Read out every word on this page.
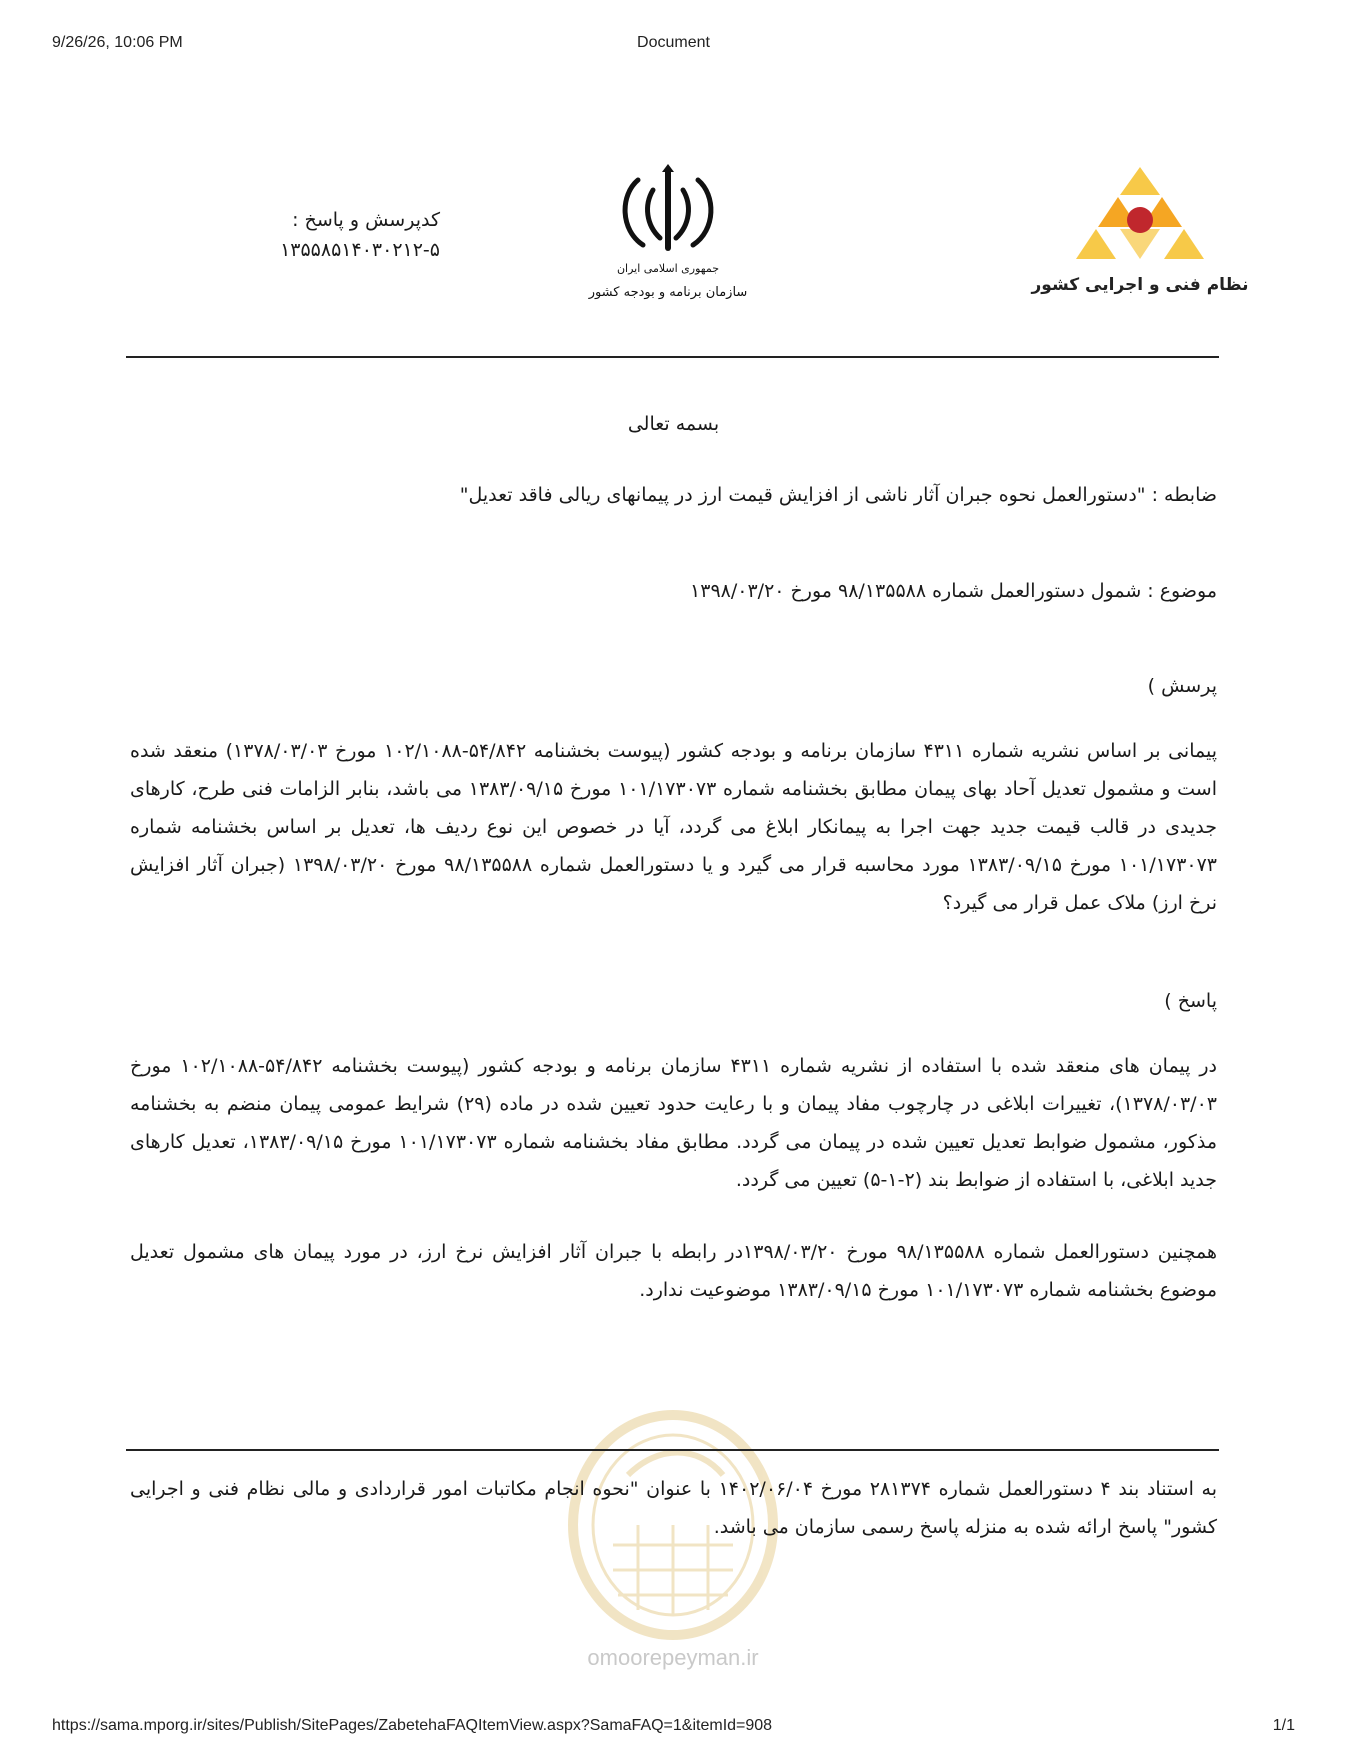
9/26/26, 10:06 PM	Document
کدپرسش و پاسخ :
۱۳۵۵۸۵۱۴۰۳۰۲۱۲-۵
جمهوری اسلامی ایران
سازمان برنامه و بودجه کشور	نظام فنی و اجرایی کشور
بسمه تعالی
ضابطه : "دستورالعمل نحوه جبران آثار ناشی از افزایش قیمت ارز در پیمانهای ریالی فاقد تعدیل"
موضوع : شمول دستورالعمل شماره ۹۸/۱۳۵۵۸۸ مورخ ۱۳۹۸/۰۳/۲۰
پرسش )
پیمانی بر اساس نشریه شماره ۴۳۱۱ سازمان برنامه و بودجه کشور (پیوست بخشنامه ۵۴/۸۴۲-۱۰۲/۱۰۸۸ مورخ ۱۳۷۸/۰۳/۰۳) منعقد شده است و مشمول تعدیل آحاد بهای پیمان مطابق بخشنامه شماره ۱۰۱/۱۷۳۰۷۳ مورخ ۱۳۸۳/۰۹/۱۵ می باشد، بنابر الزامات فنی طرح، کارهای جدیدی در قالب قیمت جدید جهت اجرا به پیمانکار ابلاغ می گردد، آیا در خصوص این نوع ردیف ها، تعدیل بر اساس بخشنامه شماره ۱۰۱/۱۷۳۰۷۳ مورخ ۱۳۸۳/۰۹/۱۵ مورد محاسبه قرار می گیرد و یا دستورالعمل شماره ۹۸/۱۳۵۵۸۸ مورخ ۱۳۹۸/۰۳/۲۰ (جبران آثار افزایش نرخ ارز) ملاک عمل قرار می گیرد؟
پاسخ )
در پیمان های منعقد شده با استفاده از نشریه شماره ۴۳۱۱ سازمان برنامه و بودجه کشور (پیوست بخشنامه ۵۴/۸۴۲-۱۰۲/۱۰۸۸ مورخ ۱۳۷۸/۰۳/۰۳)، تغییرات ابلاغی در چارچوب مفاد پیمان و با رعایت حدود تعیین شده در ماده (۲۹) شرایط عمومی پیمان منضم به بخشنامه مذکور، مشمول ضوابط تعدیل تعیین شده در پیمان می گردد. مطابق مفاد بخشنامه شماره ۱۰۱/۱۷۳۰۷۳ مورخ ۱۳۸۳/۰۹/۱۵، تعدیل کارهای جدید ابلاغی، با استفاده از ضوابط بند (۲-۱-۵) تعیین می گردد.
همچنین دستورالعمل شماره ۹۸/۱۳۵۵۸۸ مورخ ۱۳۹۸/۰۳/۲۰در رابطه با جبران آثار افزایش نرخ ارز، در مورد پیمان های مشمول تعدیل موضوع بخشنامه شماره ۱۰۱/۱۷۳۰۷۳ مورخ ۱۳۸۳/۰۹/۱۵ موضوعیت ندارد.
omoorepeyman.ir
به استناد بند ۴ دستورالعمل شماره ۲۸۱۳۷۴ مورخ ۱۴۰۲/۰۶/۰۴ با عنوان "نحوه انجام مکاتبات امور قراردادی و مالی نظام فنی و اجرایی کشور" پاسخ ارائه شده به منزله پاسخ رسمی سازمان می باشد.
https://sama.mporg.ir/sites/Publish/SitePages/ZabetehaFAQItemView.aspx?SamaFAQ=1&itemId=908	1/1
